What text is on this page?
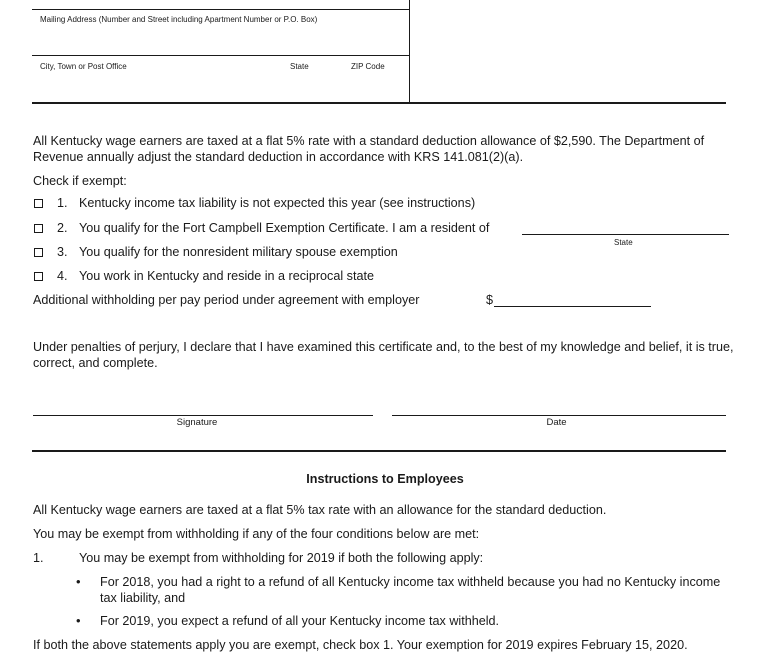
Mailing Address (Number and Street including Apartment Number or P.O. Box)
City, Town or Post Office	State	ZIP Code
All Kentucky wage earners are taxed at a flat 5% rate with a standard deduction allowance of $2,590. The Department of Revenue annually adjust the standard deduction in accordance with KRS 141.081(2)(a).
Check if exempt:
1. Kentucky income tax liability is not expected this year (see instructions)
2. You qualify for the Fort Campbell Exemption Certificate. I am a resident of
State
3. You qualify for the nonresident military spouse exemption
4. You work in Kentucky and reside in a reciprocal state
Additional withholding per pay period under agreement with employer	$
Under penalties of perjury, I declare that I have examined this certificate and, to the best of my knowledge and belief, it is true, correct, and complete.
Signature	Date
Instructions to Employees
All Kentucky wage earners are taxed at a flat 5% tax rate with an allowance for the standard deduction.
You may be exempt from withholding if any of the four conditions below are met:
1.	You may be exempt from withholding for 2019 if both the following apply:
• For 2018, you had a right to a refund of all Kentucky income tax withheld because you had no Kentucky income tax liability, and
• For 2019, you expect a refund of all your Kentucky income tax withheld.
If both the above statements apply you are exempt, check box 1. Your exemption for 2019 expires February 15, 2020.
